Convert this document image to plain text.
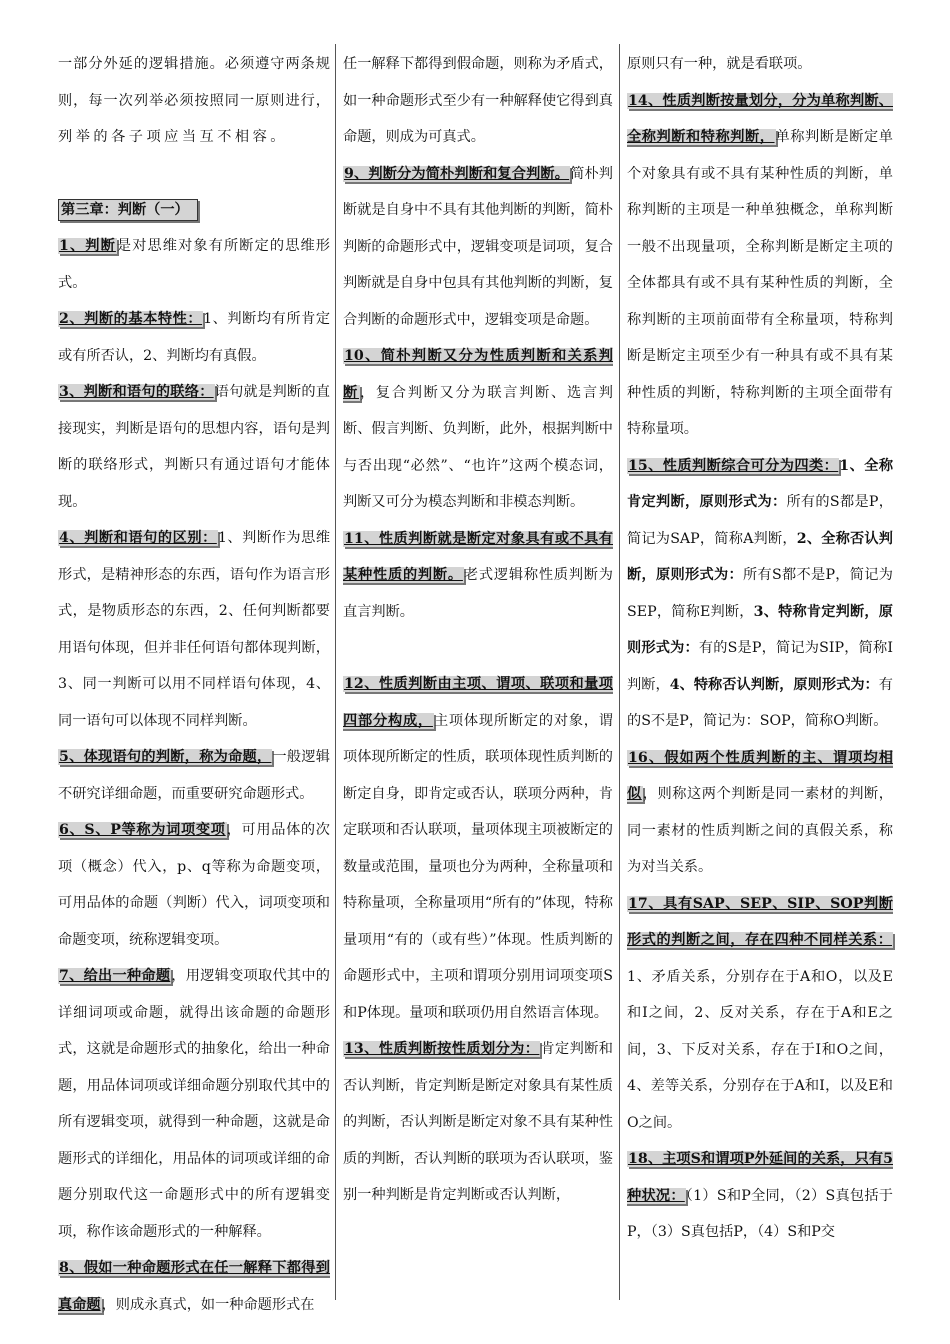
一部分外延的逻辑措施。必须遵守两条规则，每一次列举必须按照同一原则进行，列举的各子项应当互不相容。
第三章：判断（一）
1、判断是对思维对象有所断定的思维形式。
2、判断的基本特性：1、判断均有所肯定或有所否认，2、判断均有真假。
3、判断和语句的联络：语句就是判断的直接现实，判断是语句的思想内容，语句是判断的联络形式，判断只有通过语句才能体现。
4、判断和语句的区别：1、判断作为思维形式，是精神形态的东西，语句作为语言形式，是物质形态的东西，2、任何判断都要用语句体现，但并非任何语句都体现判断，3、同一判断可以用不同样语句体现，4、同一语句可以体现不同样判断。
5、体现语句的判断，称为命题，一般逻辑不研究详细命题，而重要研究命题形式。
6、S、P等称为词项变项，可用品体的次项（概念）代入，p、q等称为命题变项，可用品体的命题（判断）代入，词项变项和命题变项，统称逻辑变项。
7、给出一种命题，用逻辑变项取代其中的详细词项或命题，就得出该命题的命题形式，这就是命题形式的抽象化，给出一种命题，用品体词项或详细命题分别取代其中的所有逻辑变项，就得到一种命题，这就是命题形式的详细化，用品体的词项或详细的命题分别取代这一命题形式中的所有逻辑变项，称作该命题形式的一种解释。
8、假如一种命题形式在任一解释下都得到真命题，则成永真式，如一种命题形式在
任一解释下都得到假命题，则称为矛盾式，如一种命题形式至少有一种解释使它得到真命题，则成为可真式。
9、判断分为简朴判断和复合判断。简朴判断就是自身中不具有其他判断的判断，简朴判断的命题形式中，逻辑变项是词项，复合判断就是自身中包具有其他判断的判断，复合判断的命题形式中，逻辑变项是命题。
10、简朴判断又分为性质判断和关系判断，复合判断又分为联言判断、选言判断、假言判断、负判断，此外，根据判断中与否出现“必然”、“也许”这两个模态词，判断又可分为模态判断和非模态判断。
11、性质判断就是断定对象具有或不具有某种性质的判断。老式逻辑称性质判断为直言判断。
12、性质判断由主项、谓项、联项和量项四部分构成，主项体现所断定的对象，谓项体现所断定的性质，联项体现性质判断的断定自身，即肯定或否认，联项分两种，肯定联项和否认联项，量项体现主项被断定的数量或范围，量项也分为两种，全称量项和特称量项，全称量项用“所有的”体现，特称量项用“有的（或有些）”体现。性质判断的命题形式中，主项和谓项分别用词项变项S和P体现。量项和联项仍用自然语言体现。
13、性质判断按性质划分为：肯定判断和否认判断，肯定判断是断定对象具有某性质的判断，否认判断是断定对象不具有某种性质的判断，否认判断的联项为否认联项，鉴别一种判断是肯定判断或否认判断，
原则只有一种，就是看联项。
14、性质判断按量划分，分为单称判断、全称判断和特称判断，单称判断是断定单个对象具有或不具有某种性质的判断，单称判断的主项是一种单独概念，单称判断一般不出现量项，全称判断是断定主项的全体都具有或不具有某种性质的判断，全称判断的主项前面带有全称量项，特称判断是断定主项至少有一种具有或不具有某种性质的判断，特称判断的主项全面带有特称量项。
15、性质判断综合可分为四类：1、全称肯定判断，原则形式为：所有的S都是P，简记为SAP，简称A判断，2、全称否认判断，原则形式为：所有S都不是P，简记为SEP，简称E判断，3、特称肯定判断，原则形式为：有的S是P，简记为SIP，简称I判断，4、特称否认判断，原则形式为：有的S不是P，简记为：SOP，简称O判断。
16、假如两个性质判断的主、谓项均相似，则称这两个判断是同一素材的判断，同一素材的性质判断之间的真假关系，称为对当关系。
17、具有SAP、SEP、SIP、SOP判断形式的判断之间，存在四种不同样关系：1、矛盾关系，分别存在于A和O，以及E和I之间，2、反对关系，存在于A和E之间，3、下反对关系，存在于I和O之间，4、差等关系，分别存在于A和I，以及E和O之间。
18、主项S和谓项P外延间的关系，只有5种状况：（1）S和P全同，（2）S真包括于P，（3）S真包括P，（4）S和P交
